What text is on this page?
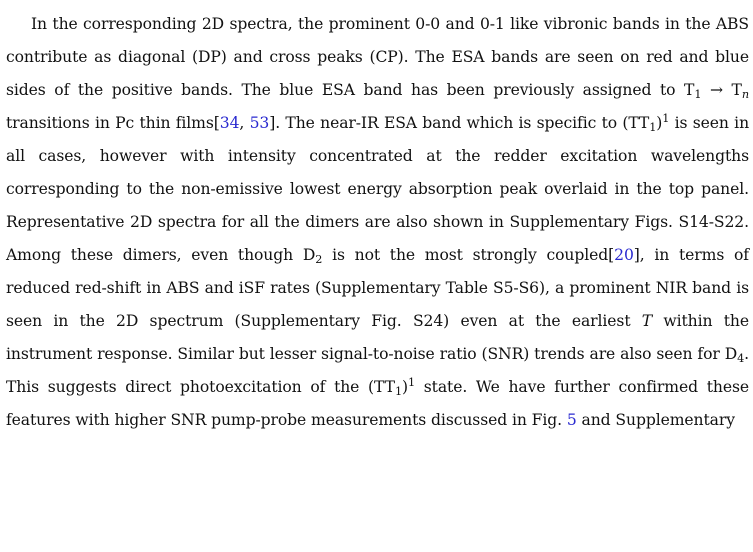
In the corresponding 2D spectra, the prominent 0-0 and 0-1 like vibronic bands in the ABS contribute as diagonal (DP) and cross peaks (CP). The ESA bands are seen on red and blue sides of the positive bands. The blue ESA band has been previously assigned to $T_1 \to T_n$ transitions in Pc thin films[34, 53]. The near-IR ESA band which is specific to $(TT_1)^1$ is seen in all cases, however with intensity concentrated at the redder excitation wavelengths corresponding to the non-emissive lowest energy absorption peak overlaid in the top panel. Representative 2D spectra for all the dimers are also shown in Supplementary Figs. S14-S22. Among these dimers, even though $D_2$ is not the most strongly coupled[20], in terms of reduced red-shift in ABS and iSF rates (Supplementary Table S5-S6), a prominent NIR band is seen in the 2D spectrum (Supplementary Fig. S24) even at the earliest T within the instrument response. Similar but lesser signal-to-noise ratio (SNR) trends are also seen for $D_4$. This suggests direct photoexcitation of the $(TT_1)^1$ state. We have further confirmed these features with higher SNR pump-probe measurements discussed in Fig. 5 and Supplementary
